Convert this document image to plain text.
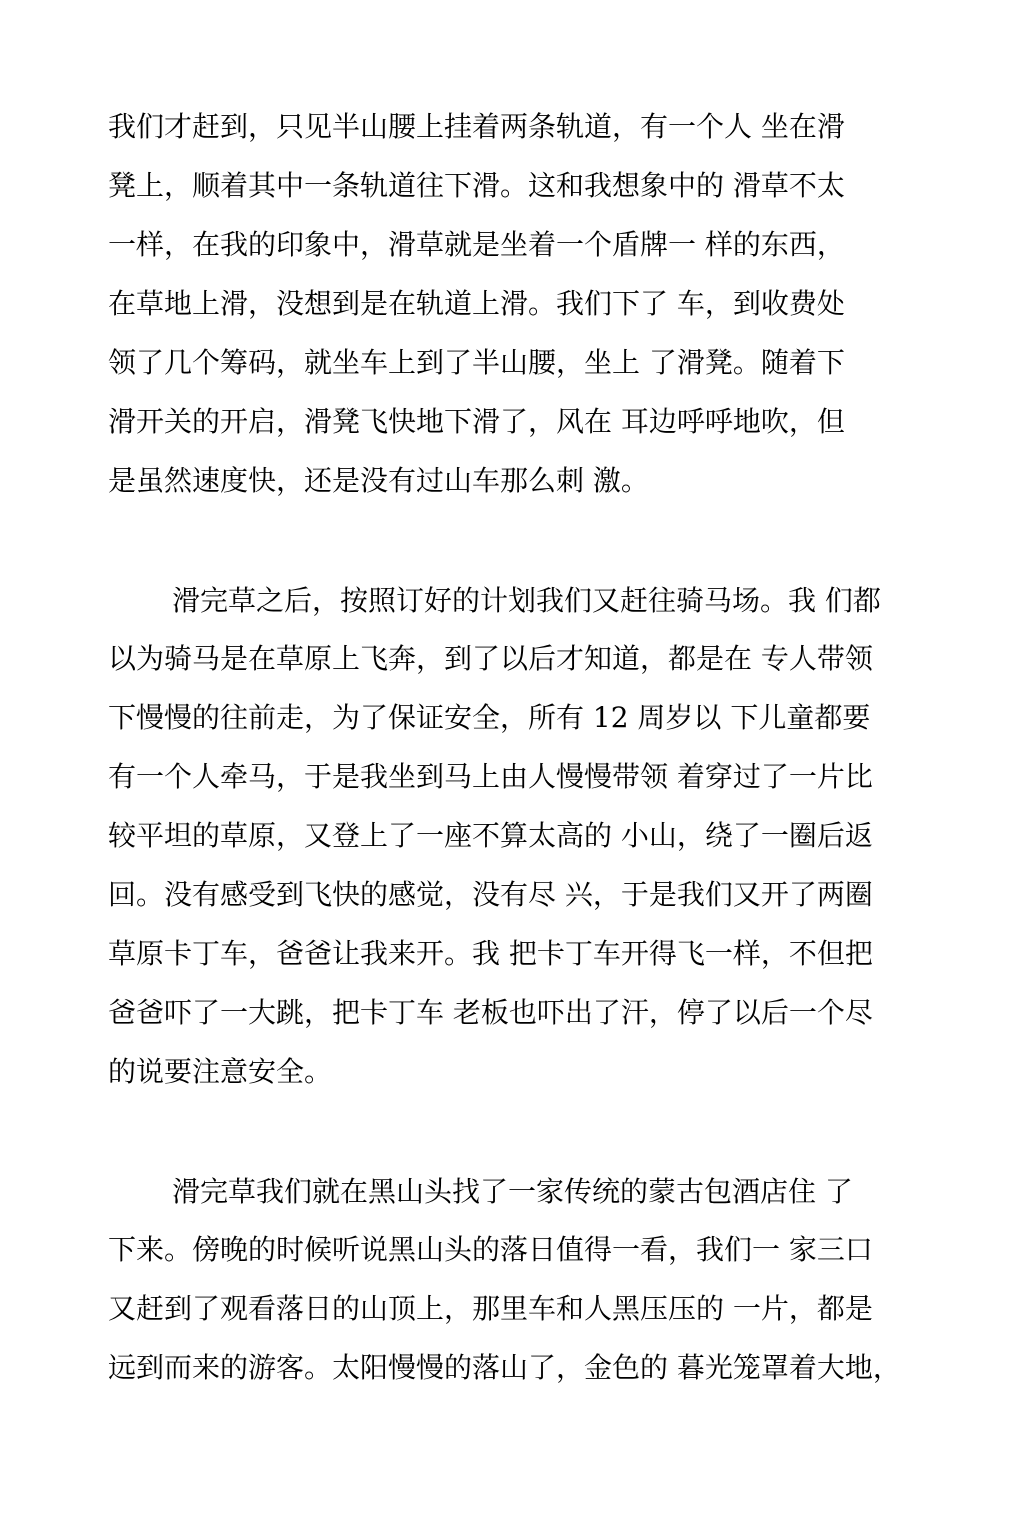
我们才赶到，只见半山腰上挂着两条轨道，有一个人 坐在滑
凳上，顺着其中一条轨道往下滑。这和我想象中的 滑草不太
一样，在我的印象中，滑草就是坐着一个盾牌一 样的东西，
在草地上滑，没想到是在轨道上滑。我们下了 车，到收费处
领了几个筹码，就坐车上到了半山腰，坐上 了滑凳。随着下
滑开关的开启，滑凳飞快地下滑了，风在 耳边呼呼地吹，但
是虽然速度快，还是没有过山车那么刺 激。
滑完草之后，按照订好的计划我们又赶往骑马场。我 们都
以为骑马是在草原上飞奔，到了以后才知道，都是在 专人带领
下慢慢的往前走，为了保证安全，所有 12 周岁以 下儿童都要
有一个人牵马，于是我坐到马上由人慢慢带领 着穿过了一片比
较平坦的草原，又登上了一座不算太高的 小山，绕了一圈后返
回。没有感受到飞快的感觉，没有尽 兴，于是我们又开了两圈
草原卡丁车，爸爸让我来开。我 把卡丁车开得飞一样，不但把
爸爸吓了一大跳，把卡丁车 老板也吓出了汗，停了以后一个尽
的说要注意安全。
滑完草我们就在黑山头找了一家传统的蒙古包酒店住 了
下来。傍晚的时候听说黑山头的落日值得一看，我们一 家三口
又赶到了观看落日的山顶上，那里车和人黑压压的 一片，都是
远到而来的游客。太阳慢慢的落山了，金色的 暮光笼罩着大地，
